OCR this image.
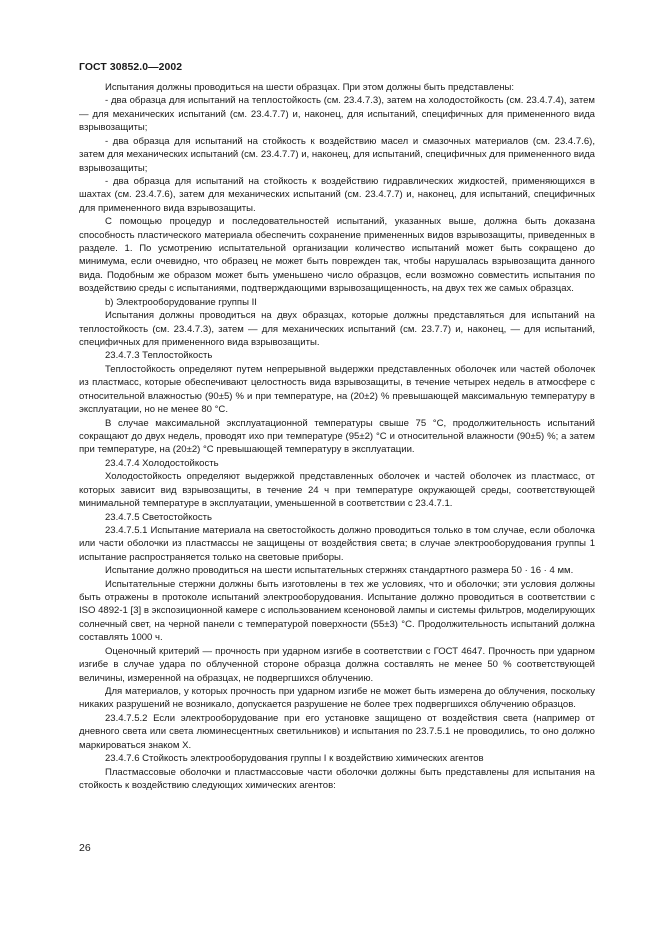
ГОСТ 30852.0—2002

Испытания должны проводиться на шести образцах. При этом должны быть представлены:

- два образца для испытаний на теплостойкость (см. 23.4.7.3), затем на холодостойкость (см. 23.4.7.4), затем — для механических испытаний (см. 23.4.7.7) и, наконец, для испытаний, специфичных для примененного вида взрывозащиты;

- два образца для испытаний на стойкость к воздействию масел и смазочных материалов (см. 23.4.7.6), затем для механических испытаний (см. 23.4.7.7) и, наконец, для испытаний, специфичных для примененного вида взрывозащиты;

- два образца для испытаний на стойкость к воздействию гидравлических жидкостей, применяющихся в шахтах (см. 23.4.7.6), затем для механических испытаний (см. 23.4.7.7) и, наконец, для испытаний, специфичных для примененного вида взрывозащиты.

С помощью процедур и последовательностей испытаний, указанных выше, должна быть доказана способность пластического материала обеспечить сохранение примененных видов взрывозащиты, приведенных в разделе. 1. По усмотрению испытательной организации количество испытаний может быть сокращено до минимума, если очевидно, что образец не может быть поврежден так, чтобы нарушалась взрывозащита данного вида. Подобным же образом может быть уменьшено число образцов, если возможно совместить испытания по воздействию среды с испытаниями, подтверждающими взрывозащищенность, на двух тех же самых образцах.

b) Электрооборудование группы II

Испытания должны проводиться на двух образцах, которые должны представляться для испытаний на теплостойкость (см. 23.4.7.3), затем — для механических испытаний (см. 23.7.7) и, наконец, — для испытаний, специфичных для примененного вида взрывозащиты.

23.4.7.3 Теплостойкость

Теплостойкость определяют путем непрерывной выдержки представленных оболочек или частей оболочек из пластмасс, которые обеспечивают целостность вида взрывозащиты, в течение четырех недель в атмосфере с относительной влажностью (90±5) % и при температуре, на (20±2) % превышающей максимальную температуру в эксплуатации, но не менее 80 °С.

В случае максимальной эксплуатационной температуры свыше 75 °С, продолжительность испытаний сокращают до двух недель, проводят ихо при температуре (95±2) °С и относительной влажности (90±5) %; а затем при температуре, на (20±2) °С превышающей температуру в эксплуатации.

23.4.7.4 Холодостойкость

Холодостойкость определяют выдержкой представленных оболочек и частей оболочек из пластмасс, от которых зависит вид взрывозащиты, в течение 24 ч при температуре окружающей среды, соответствующей минимальной температуре в эксплуатации, уменьшенной в соответствии с 23.4.7.1.

23.4.7.5 Светостойкость

23.4.7.5.1 Испытание материала на светостойкость должно проводиться только в том случае, если оболочка или части оболочки из пластмассы не защищены от воздействия света; в случае электрооборудования группы 1 испытание распространяется только на световые приборы.

Испытание должно проводиться на шести испытательных стержнях стандартного размера 50 · 16 · 4 мм.

Испытательные стержни должны быть изготовлены в тех же условиях, что и оболочки; эти условия должны быть отражены в протоколе испытаний электрооборудования. Испытание должно проводиться в соответствии с ISO 4892-1 [3] в экспозиционной камере с использованием ксеноновой лампы и системы фильтров, моделирующих солнечный свет, на черной панели с температурой поверхности (55±3) °С. Продолжительность испытаний должна составлять 1000 ч.

Оценочный критерий — прочность при ударном изгибе в соответствии с ГОСТ 4647. Прочность при ударном изгибе в случае удара по облученной стороне образца должна составлять не менее 50 % соответствующей величины, измеренной на образцах, не подвергшихся облучению.

Для материалов, у которых прочность при ударном изгибе не может быть измерена до облучения, поскольку никаких разрушений не возникало, допускается разрушение не более трех подвергшихся облучению образцов.

23.4.7.5.2 Если электрооборудование при его установке защищено от воздействия света (например от дневного света или света люминесцентных светильников) и испытания по 23.7.5.1 не проводились, то оно должно маркироваться знаком X.

23.4.7.6 Стойкость электрооборудования группы I к воздействию химических агентов

Пластмассовые оболочки и пластмассовые части оболочки должны быть представлены для испытания на стойкость к воздействию следующих химических агентов:

26
